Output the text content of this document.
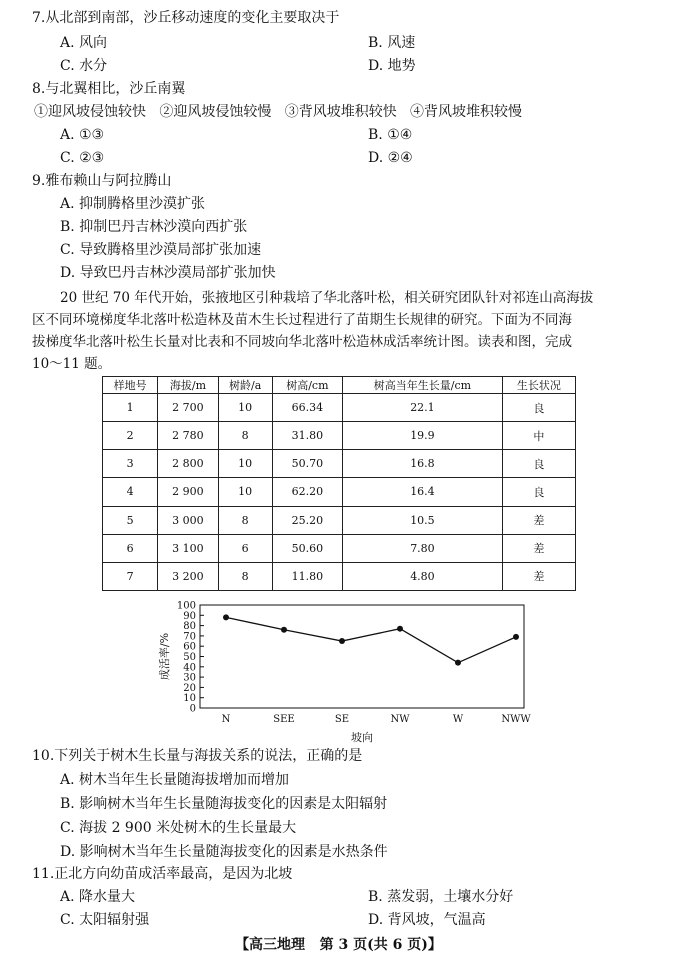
7.从北部到南部，沙丘移动速度的变化主要取决于
A. 风向	B. 风速
C. 水分	D. 地势
8.与北翼相比，沙丘南翼
①迎风坡侵蚀较快   ②迎风坡侵蚀较慢   ③背风坡堆积较快   ④背风坡堆积较慢
A. ①③	B. ①④
C. ②③	D. ②④
9.雅布赖山与阿拉腾山
A. 抑制腾格里沙漠扩张
B. 抑制巴丹吉林沙漠向西扩张
C. 导致腾格里沙漠局部扩张加速
D. 导致巴丹吉林沙漠局部扩张加快
20 世纪 70 年代开始，张掖地区引种栽培了华北落叶松，相关研究团队针对祁连山高海拔
区不同环境梯度华北落叶松造林及苗木生长过程进行了苗期生长规律的研究。下面为不同海
拔梯度华北落叶松生长量对比表和不同坡向华北落叶松造林成活率统计图。读表和图，完成
10～11 题。
样地号	海拔/m	树龄/a	树高/cm	树高当年生长量/cm	生长状况
1	2 700	10	66.34	22.1	良
2	2 780	8	31.80	19.9	中
3	2 800	10	50.70	16.8	良
4	2 900	10	62.20	16.4	良
5	3 000	8	25.20	10.5	差
6	3 100	6	50.60	7.80	差
7	3 200	8	11.80	4.80	差
0
10
20
30
40
50
60
70
80
90
100
N	SEE	SE	NW	W	NWW
坡向
成活率/%
10.下列关于树木生长量与海拔关系的说法，正确的是
A. 树木当年生长量随海拔增加而增加
B. 影响树木当年生长量随海拔变化的因素是太阳辐射
C. 海拔 2 900 米处树木的生长量最大
D. 影响树木当年生长量随海拔变化的因素是水热条件
11.正北方向幼苗成活率最高，是因为北坡
A. 降水量大	B. 蒸发弱，土壤水分好
C. 太阳辐射强	D. 背风坡，气温高
【高三地理   第 3 页(共 6 页)】
